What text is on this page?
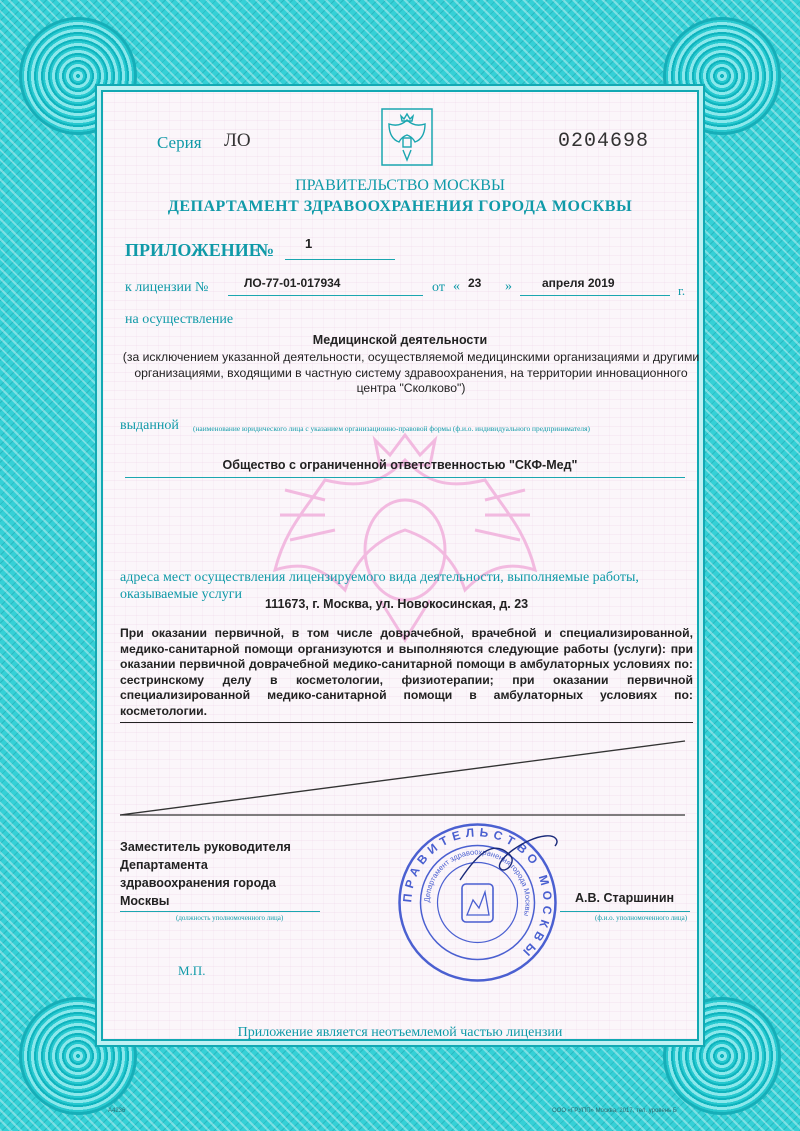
Серия ЛО	0204698
ПРАВИТЕЛЬСТВО МОСКВЫ
ДЕПАРТАМЕНТ ЗДРАВООХРАНЕНИЯ ГОРОДА МОСКВЫ
ПРИЛОЖЕНИЕ
№ 1
к лицензии №	ЛО-77-01-017934	от « 23 »	апреля 2019	г.
на осуществление
Медицинской деятельности
(за исключением указанной деятельности, осуществляемой медицинскими организациями и другими организациями, входящими в частную систему здравоохранения, на территории инновационного центра "Сколково")
выданной (наименование юридического лица с указанием организационно-правовой формы (ф.и.о. индивидуального предпринимателя)
Общество с ограниченной ответственностью "СКФ-Мед"
адреса мест осуществления лицензируемого вида деятельности, выполняемые работы, оказываемые услуги
111673, г. Москва, ул. Новокосинская, д. 23
При оказании первичной, в том числе доврачебной, врачебной и специализированной, медико-санитарной помощи организуются и выполняются следующие работы (услуги): при оказании первичной доврачебной медико-санитарной помощи в амбулаторных условиях по: сестринскому делу в косметологии, физиотерапии; при оказании первичной специализированной медико-санитарной помощи в амбулаторных условиях по: косметологии.
Заместитель руководителя
Департамента
здравоохранения города
Москвы
(должность уполномоченного лица)
А.В. Старшинин
(ф.и.о. уполномоченного лица)
М.П.
ПРАВИТЕЛЬСТВО МОСКВЫ
Департамент здравоохранения города Москвы
Приложение является неотъемлемой частью лицензии
A4236	ООО «ГРУПП» Москва, 2017, тел. уровень Б
